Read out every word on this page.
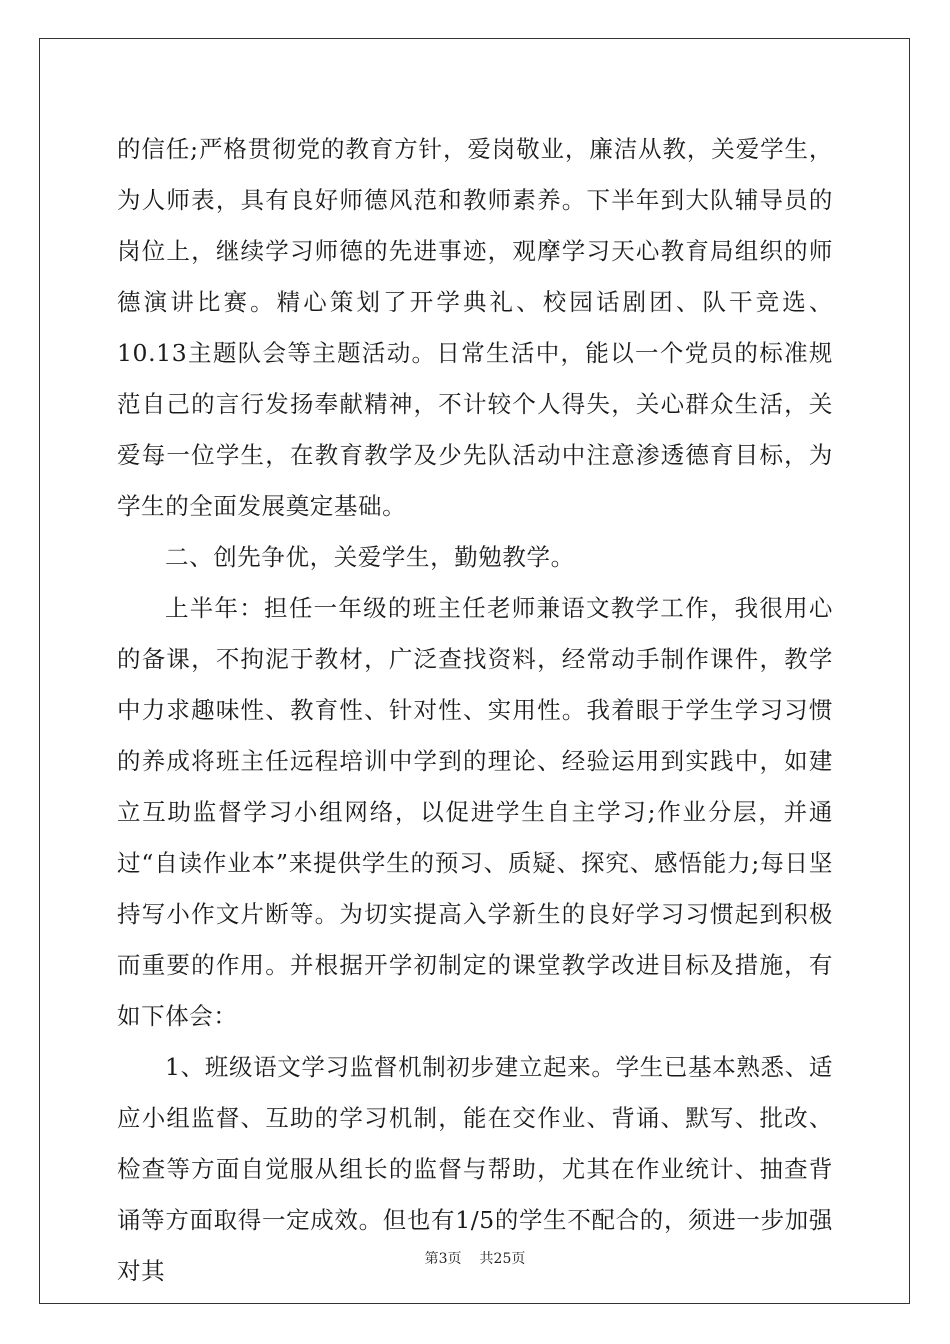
的信任;严格贯彻党的教育方针，爱岗敬业，廉洁从教，关爱学生，为人师表，具有良好师德风范和教师素养。下半年到大队辅导员的岗位上，继续学习师德的先进事迹，观摩学习天心教育局组织的师德演讲比赛。精心策划了开学典礼、校园话剧团、队干竞选、10.13主题队会等主题活动。日常生活中，能以一个党员的标准规范自己的言行发扬奉献精神，不计较个人得失，关心群众生活，关爱每一位学生，在教育教学及少先队活动中注意渗透德育目标，为学生的全面发展奠定基础。

二、创先争优，关爱学生，勤勉教学。

上半年：担任一年级的班主任老师兼语文教学工作，我很用心的备课，不拘泥于教材，广泛查找资料，经常动手制作课件，教学中力求趣味性、教育性、针对性、实用性。我着眼于学生学习习惯的养成将班主任远程培训中学到的理论、经验运用到实践中，如建立互助监督学习小组网络，以促进学生自主学习;作业分层，并通过“自读作业本”来提供学生的预习、质疑、探究、感悟能力;每日坚持写小作文片断等。为切实提高入学新生的良好学习习惯起到积极而重要的作用。并根据开学初制定的课堂教学改进目标及措施，有如下体会：

1、班级语文学习监督机制初步建立起来。学生已基本熟悉、适应小组监督、互助的学习机制，能在交作业、背诵、默写、批改、检查等方面自觉服从组长的监督与帮助，尤其在作业统计、抽查背诵等方面取得一定成效。但也有1/5的学生不配合的，须进一步加强对其	第3页 共25页
